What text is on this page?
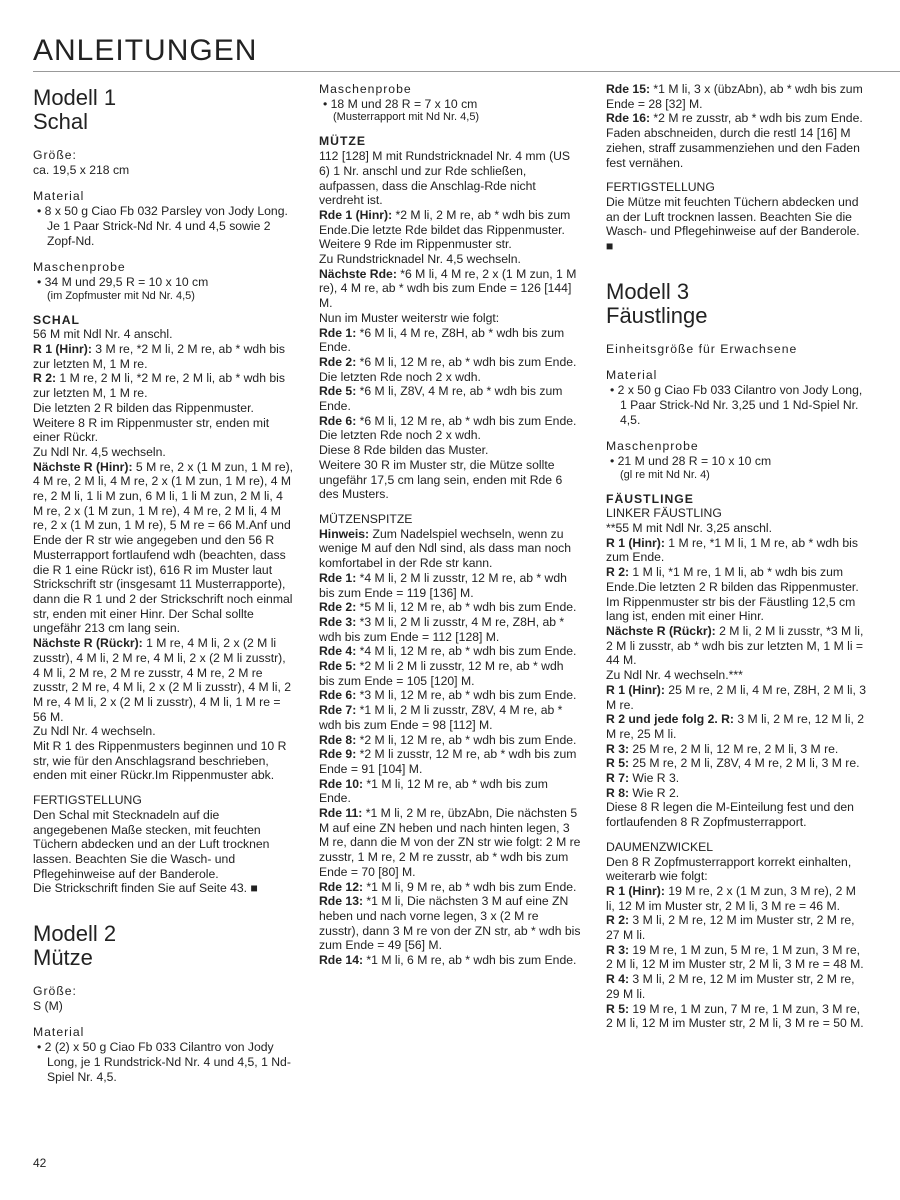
ANLEITUNGEN
Modell 1
Schal
Größe:
ca. 19,5 x 218 cm
Material
• 8 x 50 g Ciao Fb 032 Parsley von Jody Long. Je 1 Paar Strick-Nd Nr. 4 und 4,5 sowie 2 Zopf-Nd.
Maschenprobe
• 34 M und 29,5 R = 10 x 10 cm
(im Zopfmuster mit Nd Nr. 4,5)
SCHAL
56 M mit Ndl Nr. 4 anschl.
R 1 (Hinr): 3 M re, *2 M li, 2 M re, ab * wdh bis zur letzten M, 1 M re.
R 2: 1 M re, 2 M li, *2 M re, 2 M li, ab * wdh bis zur letzten M, 1 M re.
Die letzten 2 R bilden das Rippenmuster.
Weitere 8 R im Rippenmuster str, enden mit einer Rückr.
Zu Ndl Nr. 4,5 wechseln.
Nächste R (Hinr): 5 M re, 2 x (1 M zun, 1 M re), 4 M re, 2 M li, 4 M re, 2 x (1 M zun, 1 M re), 4 M re, 2 M li, 1 li M zun, 6 M li, 1 li M zun, 2 M li, 4 M re, 2 x (1 M zun, 1 M re), 4 M re, 2 M li, 4 M re, 2 x (1 M zun, 1 M re), 5 M re = 66 M.Anf und Ende der R str wie angegeben und den 56 R Musterrapport fortlaufend wdh (beachten, dass die R 1 eine Rückr ist), 616 R im Muster laut Strickschrift str (insgesamt 11 Musterrapporte), dann die R 1 und 2 der Strickschrift noch einmal str, enden mit einer Hinr. Der Schal sollte ungefähr 213 cm lang sein.
Nächste R (Rückr): 1 M re, 4 M li, 2 x (2 M li zusstr), 4 M li, 2 M re, 4 M li, 2 x (2 M li zusstr), 4 M li, 2 M re, 2 M re zusstr, 4 M re, 2 M re zusstr, 2 M re, 4 M li, 2 x (2 M li zusstr), 4 M li, 2 M re, 4 M li, 2 x (2 M li zusstr), 4 M li, 1 M re = 56 M.
Zu Ndl Nr. 4 wechseln.
Mit R 1 des Rippenmusters beginnen und 10 R str, wie für den Anschlagsrand beschrieben, enden mit einer Rückr.Im Rippenmuster abk.
FERTIGSTELLUNG
Den Schal mit Stecknadeln auf die angegebenen Maße stecken, mit feuchten Tüchern abdecken und an der Luft trocknen lassen. Beachten Sie die Wasch- und Pflegehinweise auf der Banderole.
Die Strickschrift finden Sie auf Seite 43. ■
Modell 2
Mütze
Größe:
S (M)
Material
• 2 (2) x 50 g Ciao Fb 033 Cilantro von Jody Long, je 1 Rundstrick-Nd Nr. 4 und 4,5, 1 Nd-Spiel Nr. 4,5.
Maschenprobe
• 18 M und 28 R = 7 x 10 cm
(Musterrapport mit Nd Nr. 4,5)
MÜTZE
112 [128] M mit Rundstricknadel Nr. 4 mm (US 6) 1 Nr. anschl und zur Rde schließen, aufpassen, dass die Anschlag-Rde nicht verdreht ist.
Rde 1 (Hinr): *2 M li, 2 M re, ab * wdh bis zum Ende.Die letzte Rde bildet das Rippenmuster.
Weitere 9 Rde im Rippenmuster str.
Zu Rundstricknadel Nr. 4,5 wechseln.
Nächste Rde: *6 M li, 4 M re, 2 x (1 M zun, 1 M re), 4 M re, ab * wdh bis zum Ende = 126 [144] M.
Nun im Muster weiterstr wie folgt:
Rde 1: *6 M li, 4 M re, Z8H, ab * wdh bis zum Ende.
Rde 2: *6 M li, 12 M re, ab * wdh bis zum Ende.
Die letzten Rde noch 2 x wdh.
Rde 5: *6 M li, Z8V, 4 M re, ab * wdh bis zum Ende.
Rde 6: *6 M li, 12 M re, ab * wdh bis zum Ende.
Die letzten Rde noch 2 x wdh.
Diese 8 Rde bilden das Muster.
Weitere 30 R im Muster str, die Mütze sollte ungefähr 17,5 cm lang sein, enden mit Rde 6 des Musters.
MÜTZENSPITZE
Hinweis: Zum Nadelspiel wechseln, wenn zu wenige M auf den Ndl sind, als dass man noch komfortabel in der Rde str kann.
Rde 1: *4 M li, 2 M li zusstr, 12 M re, ab * wdh bis zum Ende = 119 [136] M.
Rde 2: *5 M li, 12 M re, ab * wdh bis zum Ende.
Rde 3: *3 M li, 2 M li zusstr, 4 M re, Z8H, ab * wdh bis zum Ende = 112 [128] M.
Rde 4: *4 M li, 12 M re, ab * wdh bis zum Ende.
Rde 5: *2 M li 2 M li zusstr, 12 M re, ab * wdh bis zum Ende = 105 [120] M.
Rde 6: *3 M li, 12 M re, ab * wdh bis zum Ende.
Rde 7: *1 M li, 2 M li zusstr, Z8V, 4 M re, ab * wdh bis zum Ende = 98 [112] M.
Rde 8: *2 M li, 12 M re, ab * wdh bis zum Ende.
Rde 9: *2 M li zusstr, 12 M re, ab * wdh bis zum Ende = 91 [104] M.
Rde 10: *1 M li, 12 M re, ab * wdh bis zum Ende.
Rde 11: *1 M li, 2 M re, übzAbn, Die nächsten 5 M auf eine ZN heben und nach hinten legen, 3 M re, dann die M von der ZN str wie folgt: 2 M re zusstr, 1 M re, 2 M re zusstr, ab * wdh bis zum Ende = 70 [80] M.
Rde 12: *1 M li, 9 M re, ab * wdh bis zum Ende.
Rde 13: *1 M li, Die nächsten 3 M auf eine ZN heben und nach vorne legen, 3 x (2 M re zusstr), dann 3 M re von der ZN str, ab * wdh bis zum Ende = 49 [56] M.
Rde 14: *1 M li, 6 M re, ab * wdh bis zum Ende.
Rde 15: *1 M li, 3 x (übzAbn), ab * wdh bis zum Ende = 28 [32] M.
Rde 16: *2 M re zusstr, ab * wdh bis zum Ende. Faden abschneiden, durch die restl 14 [16] M ziehen, straff zusammenziehen und den Faden fest vernähen.
FERTIGSTELLUNG
Die Mütze mit feuchten Tüchern abdecken und an der Luft trocknen lassen. Beachten Sie die Wasch- und Pflegehinweise auf der Banderole. ■
Modell 3
Fäustlinge
Einheitsgröße für Erwachsene
Material
• 2 x 50 g Ciao Fb 033 Cilantro von Jody Long, 1 Paar Strick-Nd Nr. 3,25 und 1 Nd-Spiel Nr. 4,5.
Maschenprobe
• 21 M und 28 R = 10 x 10 cm
(gl re mit Nd Nr. 4)
FÄUSTLINGE
LINKER FÄUSTLING
**55 M mit Ndl Nr. 3,25 anschl.
R 1 (Hinr): 1 M re, *1 M li, 1 M re, ab * wdh bis zum Ende.
R 2: 1 M li, *1 M re, 1 M li, ab * wdh bis zum Ende.Die letzten 2 R bilden das Rippenmuster.
Im Rippenmuster str bis der Fäustling 12,5 cm lang ist, enden mit einer Hinr.
Nächste R (Rückr): 2 M li, 2 M li zusstr, *3 M li, 2 M li zusstr, ab * wdh bis zur letzten M, 1 M li = 44 M.
Zu Ndl Nr. 4 wechseln.***
R 1 (Hinr): 25 M re, 2 M li, 4 M re, Z8H, 2 M li, 3 M re.
R 2 und jede folg 2. R: 3 M li, 2 M re, 12 M li, 2 M re, 25 M li.
R 3: 25 M re, 2 M li, 12 M re, 2 M li, 3 M re.
R 5: 25 M re, 2 M li, Z8V, 4 M re, 2 M li, 3 M re.
R 7: Wie R 3.
R 8: Wie R 2.
Diese 8 R legen die M-Einteilung fest und den fortlaufenden 8 R Zopfmusterrapport.
DAUMENZWICKEL
Den 8 R Zopfmusterrapport korrekt einhalten, weiterarb wie folgt:
R 1 (Hinr): 19 M re, 2 x (1 M zun, 3 M re), 2 M li, 12 M im Muster str, 2 M li, 3 M re = 46 M.
R 2: 3 M li, 2 M re, 12 M im Muster str, 2 M re, 27 M li.
R 3: 19 M re, 1 M zun, 5 M re, 1 M zun, 3 M re, 2 M li, 12 M im Muster str, 2 M li, 3 M re = 48 M.
R 4: 3 M li, 2 M re, 12 M im Muster str, 2 M re, 29 M li.
R 5: 19 M re, 1 M zun, 7 M re, 1 M zun, 3 M re, 2 M li, 12 M im Muster str, 2 M li, 3 M re = 50 M.
42
